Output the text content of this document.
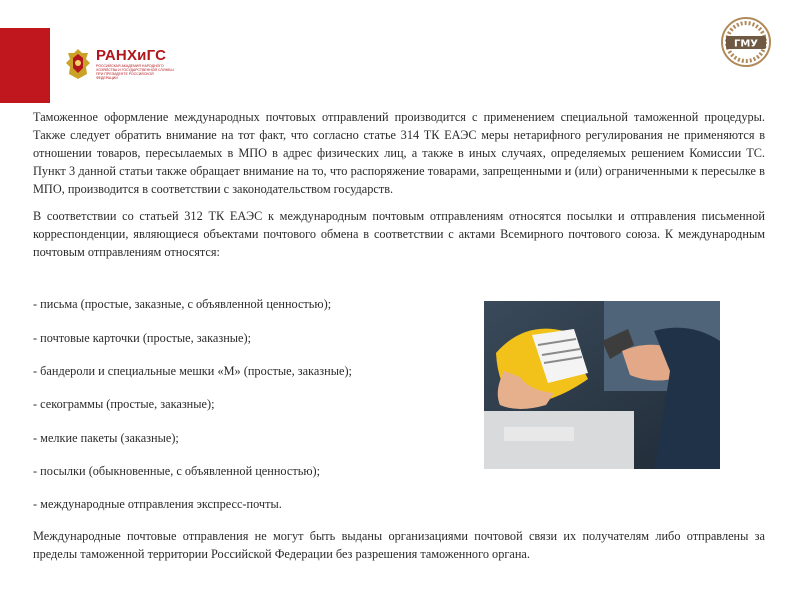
РАНХиГС
РОССИЙСКАЯ АКАДЕМИЯ НАРОДНОГО ХОЗЯЙСТВА И ГОСУДАРСТВЕННОЙ СЛУЖБЫ ПРИ ПРЕЗИДЕНТЕ РОССИЙСКОЙ ФЕДЕРАЦИИ
ГМУ

Таможенное оформление международных почтовых отправлений производится с применением специальной таможенной процедуры. Также следует обратить внимание на тот факт, что согласно статье 314 ТК ЕАЭС меры нетарифного регулирования не применяются в отношении товаров, пересылаемых в МПО в адрес физических лиц, а также в иных случаях, определяемых решением Комиссии ТС. Пункт 3 данной статьи также обращает внимание на то, что распоряжение товарами, запрещенными и (или) ограниченными к пересылке в МПО, производится в соответствии с законодательством государств.

В соответствии со статьей 312 ТК ЕАЭС к международным почтовым отправлениям относятся посылки и отправления письменной корреспонденции, являющиеся объектами почтового обмена в соответствии с актами Всемирного почтового союза. К международным почтовым отправлениям относятся:

- письма (простые, заказные, с объявленной ценностью);
- почтовые карточки (простые, заказные);
- бандероли и специальные мешки «М» (простые, заказные);
- секограммы (простые, заказные);
- мелкие пакеты (заказные);
- посылки (обыкновенные, с объявленной ценностью);
- международные отправления экспресс-почты.

Международные почтовые отправления не могут быть выданы организациями почтовой связи их получателям либо отправлены за пределы таможенной территории Российской Федерации без разрешения таможенного органа.
